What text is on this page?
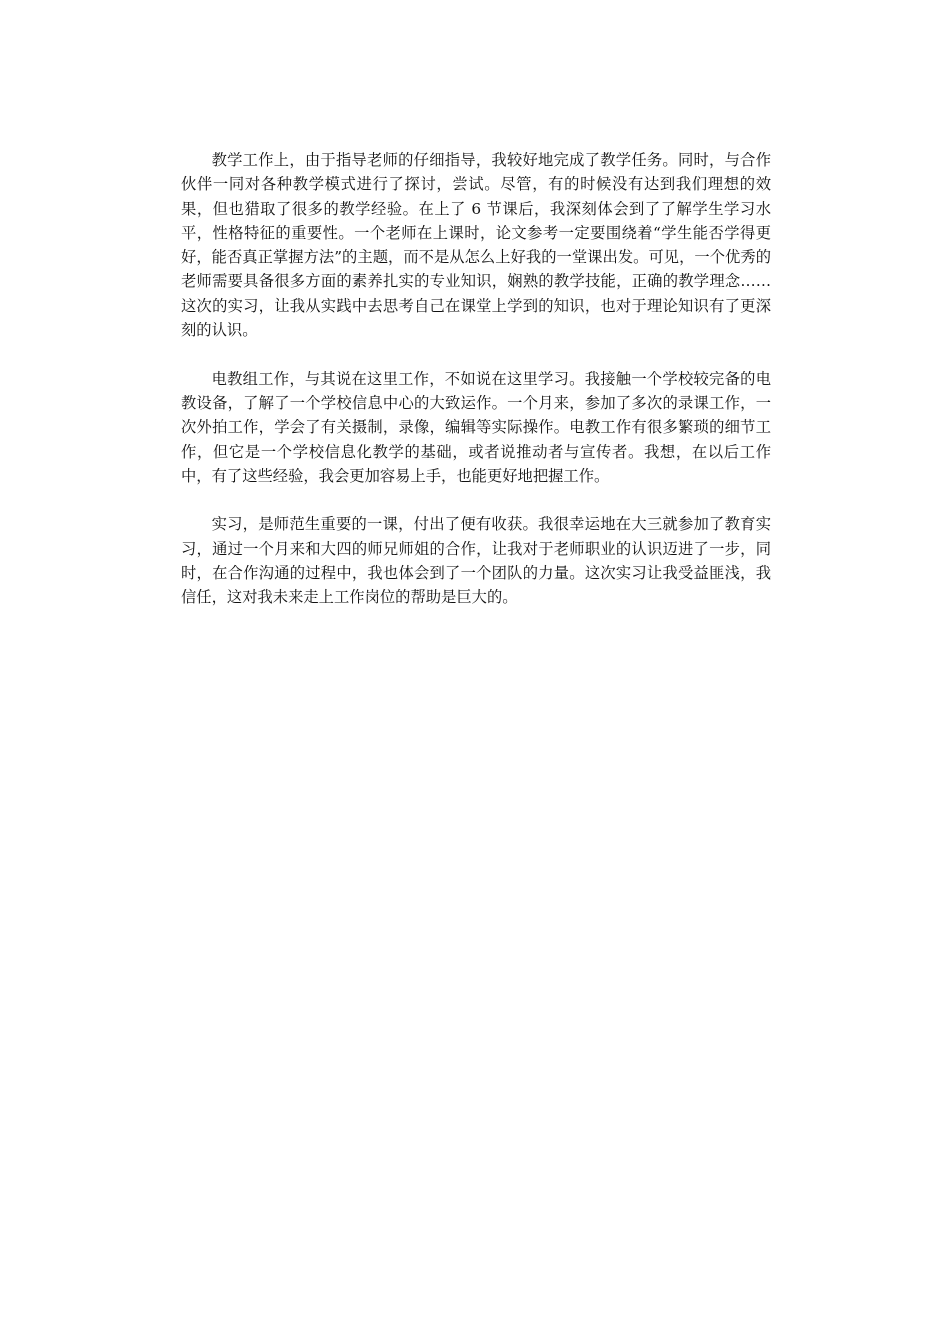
教学工作上，由于指导老师的仔细指导，我较好地完成了教学任务。同时，与合作伙伴一同对各种教学模式进行了探讨，尝试。尽管，有的时候没有达到我们理想的效果，但也猎取了很多的教学经验。在上了 6 节课后，我深刻体会到了了解学生学习水平，性格特征的重要性。一个老师在上课时，论文参考一定要围绕着“学生能否学得更好，能否真正掌握方法”的主题，而不是从怎么上好我的一堂课出发。可见，一个优秀的老师需要具备很多方面的素养扎实的专业知识，娴熟的教学技能，正确的教学理念……这次的实习，让我从实践中去思考自己在课堂上学到的知识，也对于理论知识有了更深刻的认识。

电教组工作，与其说在这里工作，不如说在这里学习。我接触一个学校较完备的电教设备，了解了一个学校信息中心的大致运作。一个月来，参加了多次的录课工作，一次外拍工作，学会了有关摄制，录像，编辑等实际操作。电教工作有很多繁琐的细节工作，但它是一个学校信息化教学的基础，或者说推动者与宣传者。我想，在以后工作中，有了这些经验，我会更加容易上手，也能更好地把握工作。

实习，是师范生重要的一课，付出了便有收获。我很幸运地在大三就参加了教育实习，通过一个月来和大四的师兄师姐的合作，让我对于老师职业的认识迈进了一步，同时，在合作沟通的过程中，我也体会到了一个团队的力量。这次实习让我受益匪浅，我信任，这对我未来走上工作岗位的帮助是巨大的。
